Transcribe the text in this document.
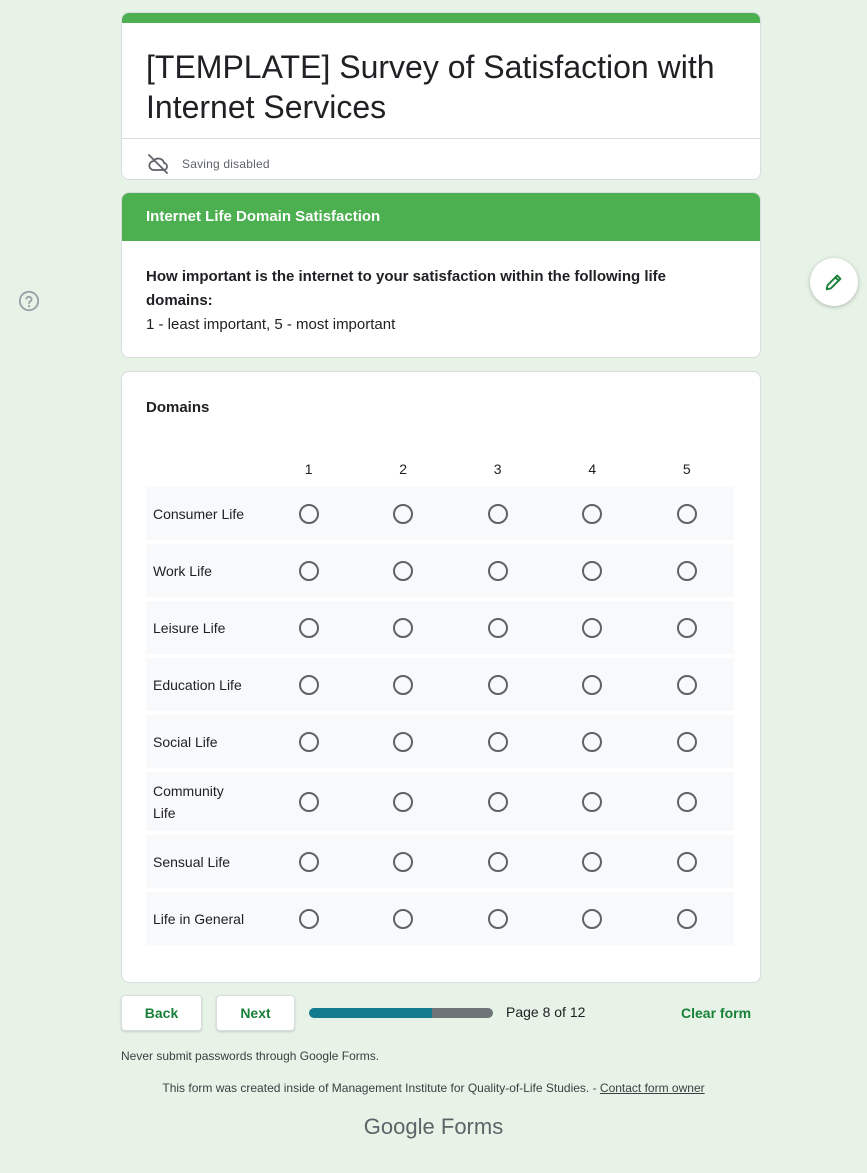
[TEMPLATE] Survey of Satisfaction with Internet Services
Saving disabled
Internet Life Domain Satisfaction
How important is the internet to your satisfaction within the following life domains:
1 - least important, 5 - most important
Domains
1	2	3	4	5
Consumer Life
Work Life
Leisure Life
Education Life
Social Life
Community Life
Sensual Life
Life in General
Back	Next	Page 8 of 12	Clear form
Never submit passwords through Google Forms.
This form was created inside of Management Institute for Quality-of-Life Studies. - Contact form owner
Google Forms
